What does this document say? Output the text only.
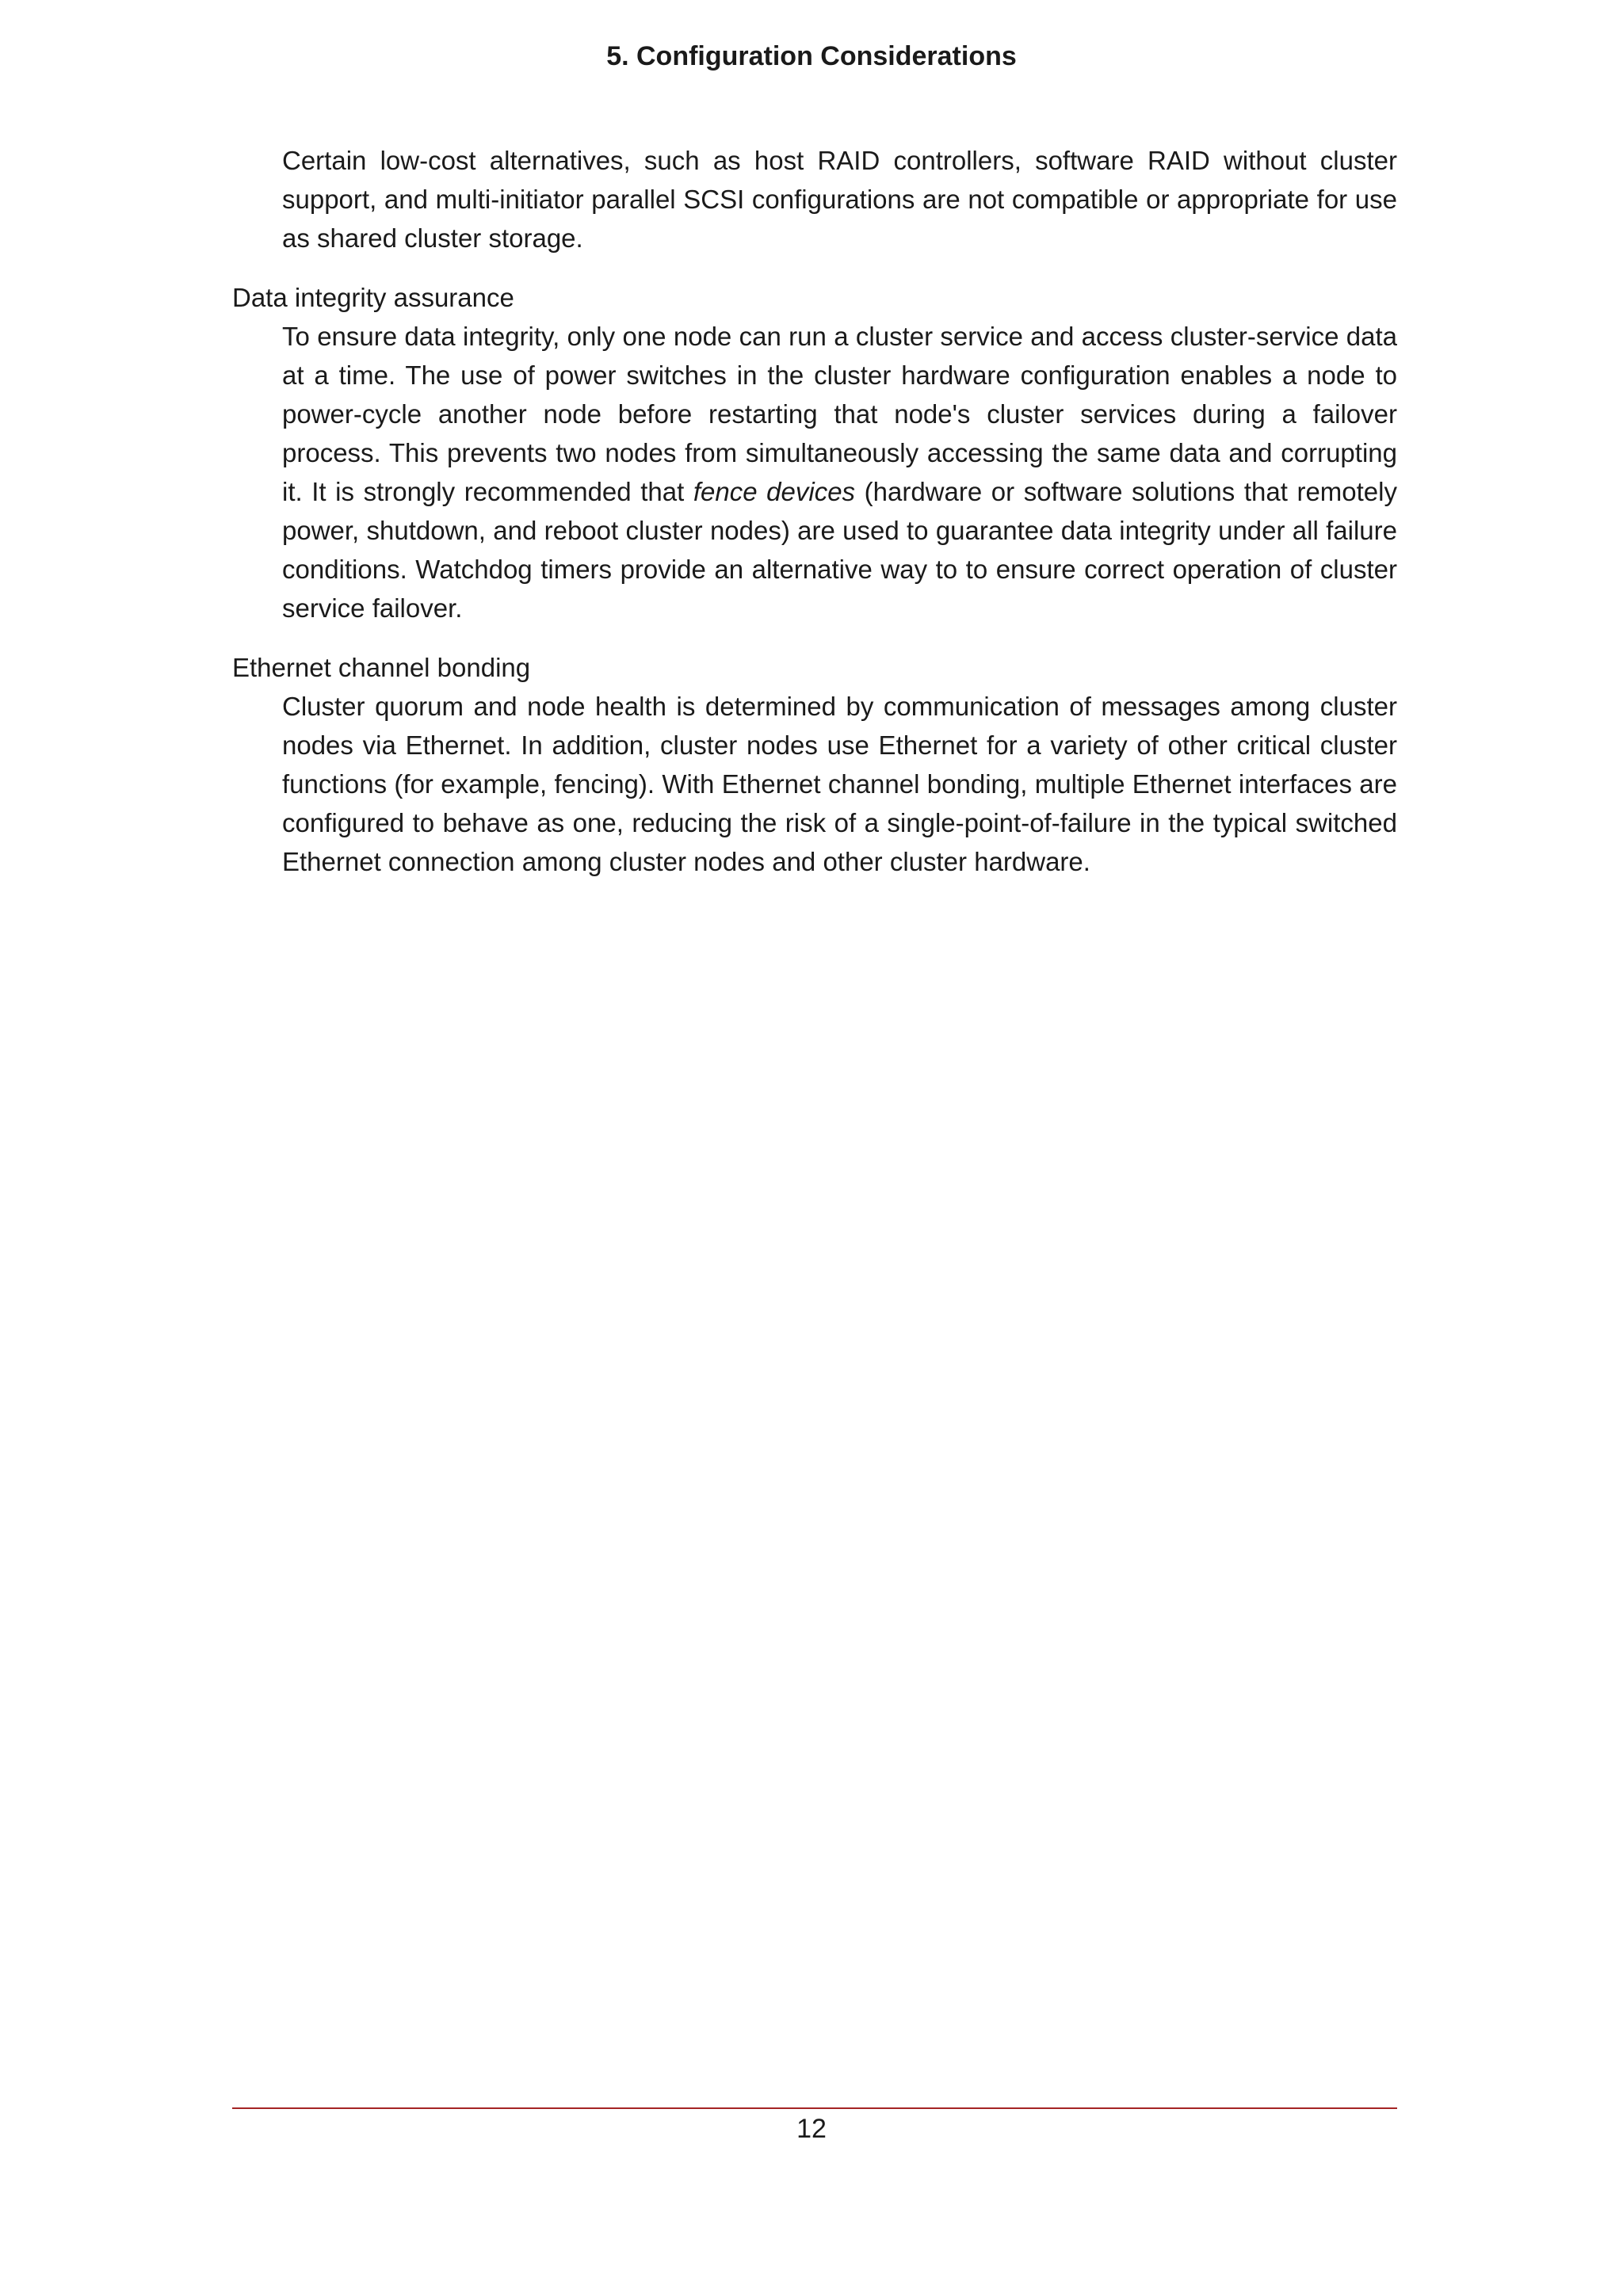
5. Configuration Considerations

Certain low-cost alternatives, such as host RAID controllers, software RAID without cluster support, and multi-initiator parallel SCSI configurations are not compatible or appropriate for use as shared cluster storage.

Data integrity assurance

To ensure data integrity, only one node can run a cluster service and access cluster-service data at a time. The use of power switches in the cluster hardware configuration enables a node to power-cycle another node before restarting that node's cluster services during a failover process. This prevents two nodes from simultaneously accessing the same data and corrupting it. It is strongly recommended that fence devices (hardware or software solutions that remotely power, shutdown, and reboot cluster nodes) are used to guarantee data integrity under all failure conditions. Watchdog timers provide an alternative way to to ensure correct operation of cluster service failover.

Ethernet channel bonding

Cluster quorum and node health is determined by communication of messages among cluster nodes via Ethernet. In addition, cluster nodes use Ethernet for a variety of other critical cluster functions (for example, fencing). With Ethernet channel bonding, multiple Ethernet interfaces are configured to behave as one, reducing the risk of a single-point-of-failure in the typical switched Ethernet connection among cluster nodes and other cluster hardware.

12
